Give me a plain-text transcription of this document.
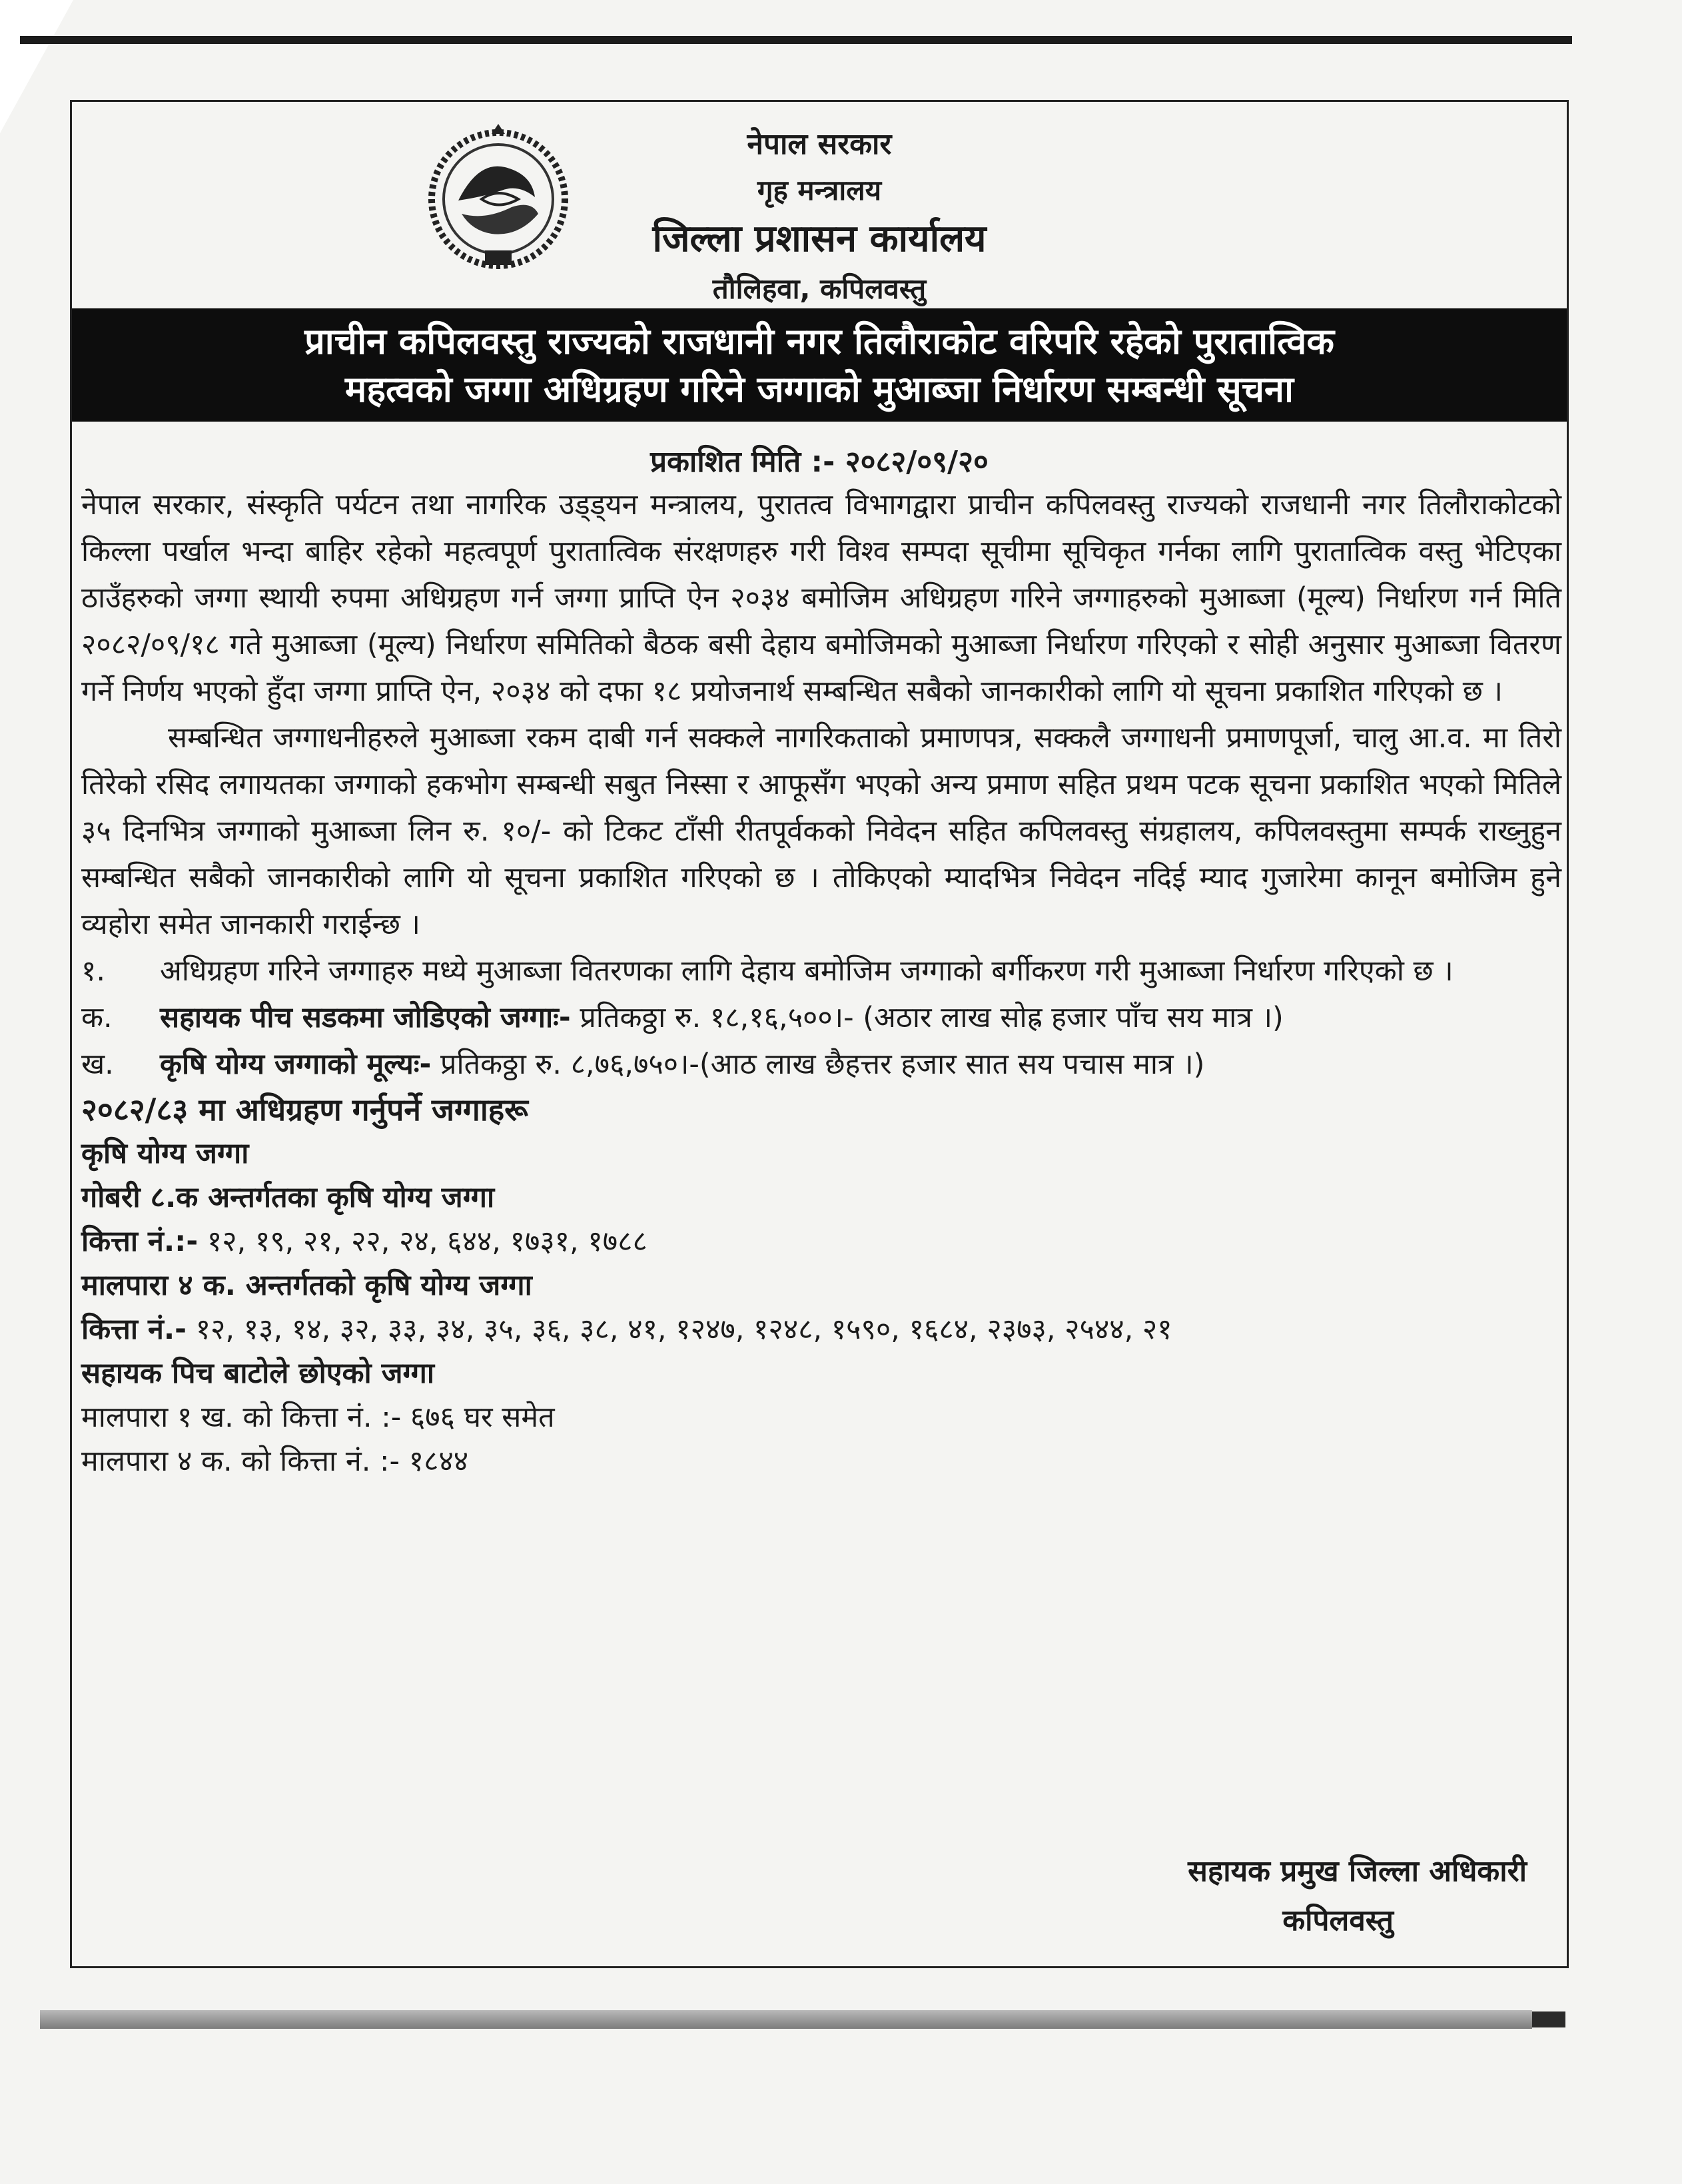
नेपाल सरकार
गृह मन्त्रालय
जिल्ला प्रशासन कार्यालय
तौलिहवा, कपिलवस्तु
प्राचीन कपिलवस्तु राज्यको राजधानी नगर तिलौराकोट वरिपरि रहेको पुरातात्विक
महत्वको जग्गा अधिग्रहण गरिने जग्गाको मुआब्जा निर्धारण सम्बन्धी सूचना
प्रकाशित मिति :- २०८२/०९/२०

नेपाल सरकार, संस्कृति पर्यटन तथा नागरिक उड्ड्यन मन्त्रालय, पुरातत्व विभागद्वारा प्राचीन कपिलवस्तु राज्यको राजधानी नगर तिलौराकोटको किल्ला पर्खाल भन्दा बाहिर रहेको महत्वपूर्ण पुरातात्विक संरक्षणहरु गरी विश्व सम्पदा सूचीमा सूचिकृत गर्नका लागि पुरातात्विक वस्तु भेटिएका ठाउँहरुको जग्गा स्थायी रुपमा अधिग्रहण गर्न जग्गा प्राप्ति ऐन २०३४ बमोजिम अधिग्रहण गरिने जग्गाहरुको मुआब्जा (मूल्य) निर्धारण गर्न मिति २०८२/०९/१८ गते मुआब्जा (मूल्य) निर्धारण समितिको बैठक बसी देहाय बमोजिमको मुआब्जा निर्धारण गरिएको र सोही अनुसार मुआब्जा वितरण गर्ने निर्णय भएको हुँदा जग्गा प्राप्ति ऐन, २०३४ को दफा १८ प्रयोजनार्थ सम्बन्धित सबैको जानकारीको लागि यो सूचना प्रकाशित गरिएको छ ।

सम्बन्धित जग्गाधनीहरुले मुआब्जा रकम दाबी गर्न सक्कले नागरिकताको प्रमाणपत्र, सक्कलै जग्गाधनी प्रमाणपूर्जा, चालु आ.व. मा तिरो तिरेको रसिद लगायतका जग्गाको हकभोग सम्बन्धी सबुत निस्सा र आफूसँग भएको अन्य प्रमाण सहित प्रथम पटक सूचना प्रकाशित भएको मितिले ३५ दिनभित्र जग्गाको मुआब्जा लिन रु. १०/- को टिकट टाँसी रीतपूर्वकको निवेदन सहित कपिलवस्तु संग्रहालय, कपिलवस्तुमा सम्पर्क राख्नुहुन सम्बन्धित सबैको जानकारीको लागि यो सूचना प्रकाशित गरिएको छ । तोकिएको म्यादभित्र निवेदन नदिई म्याद गुजारेमा कानून बमोजिम हुने व्यहोरा समेत जानकारी गराईन्छ ।

१.	अधिग्रहण गरिने जग्गाहरु मध्ये मुआब्जा वितरणका लागि देहाय बमोजिम जग्गाको बर्गीकरण गरी मुआब्जा निर्धारण गरिएको छ ।
क.	सहायक पीच सडकमा जोडिएको जग्गाः- प्रतिकठ्ठा रु. १८,१६,५००।- (अठार लाख सोह्र हजार पाँच सय मात्र ।)
ख.	कृषि योग्य जग्गाको मूल्यः- प्रतिकठ्ठा रु. ८,७६,७५०।-(आठ लाख छैहत्तर हजार सात सय पचास मात्र ।)
२०८२/८३ मा अधिग्रहण गर्नुपर्ने जग्गाहरू
कृषि योग्य जग्गा
गोबरी ८.क अन्तर्गतका कृषि योग्य जग्गा
कित्ता नं.:- १२, १९, २१, २२, २४, ६४४, १७३१, १७८८
मालपारा ४ क. अन्तर्गतको कृषि योग्य जग्गा
कित्ता नं.- १२, १३, १४, ३२, ३३, ३४, ३५, ३६, ३८, ४१, १२४७, १२४८, १५९०, १६८४, २३७३, २५४४, २१
सहायक पिच बाटोले छोएको जग्गा
मालपारा १ ख. को कित्ता नं. :- ६७६ घर समेत
मालपारा ४ क. को कित्ता नं. :- १८४४
सहायक प्रमुख जिल्ला अधिकारी
कपिलवस्तु
